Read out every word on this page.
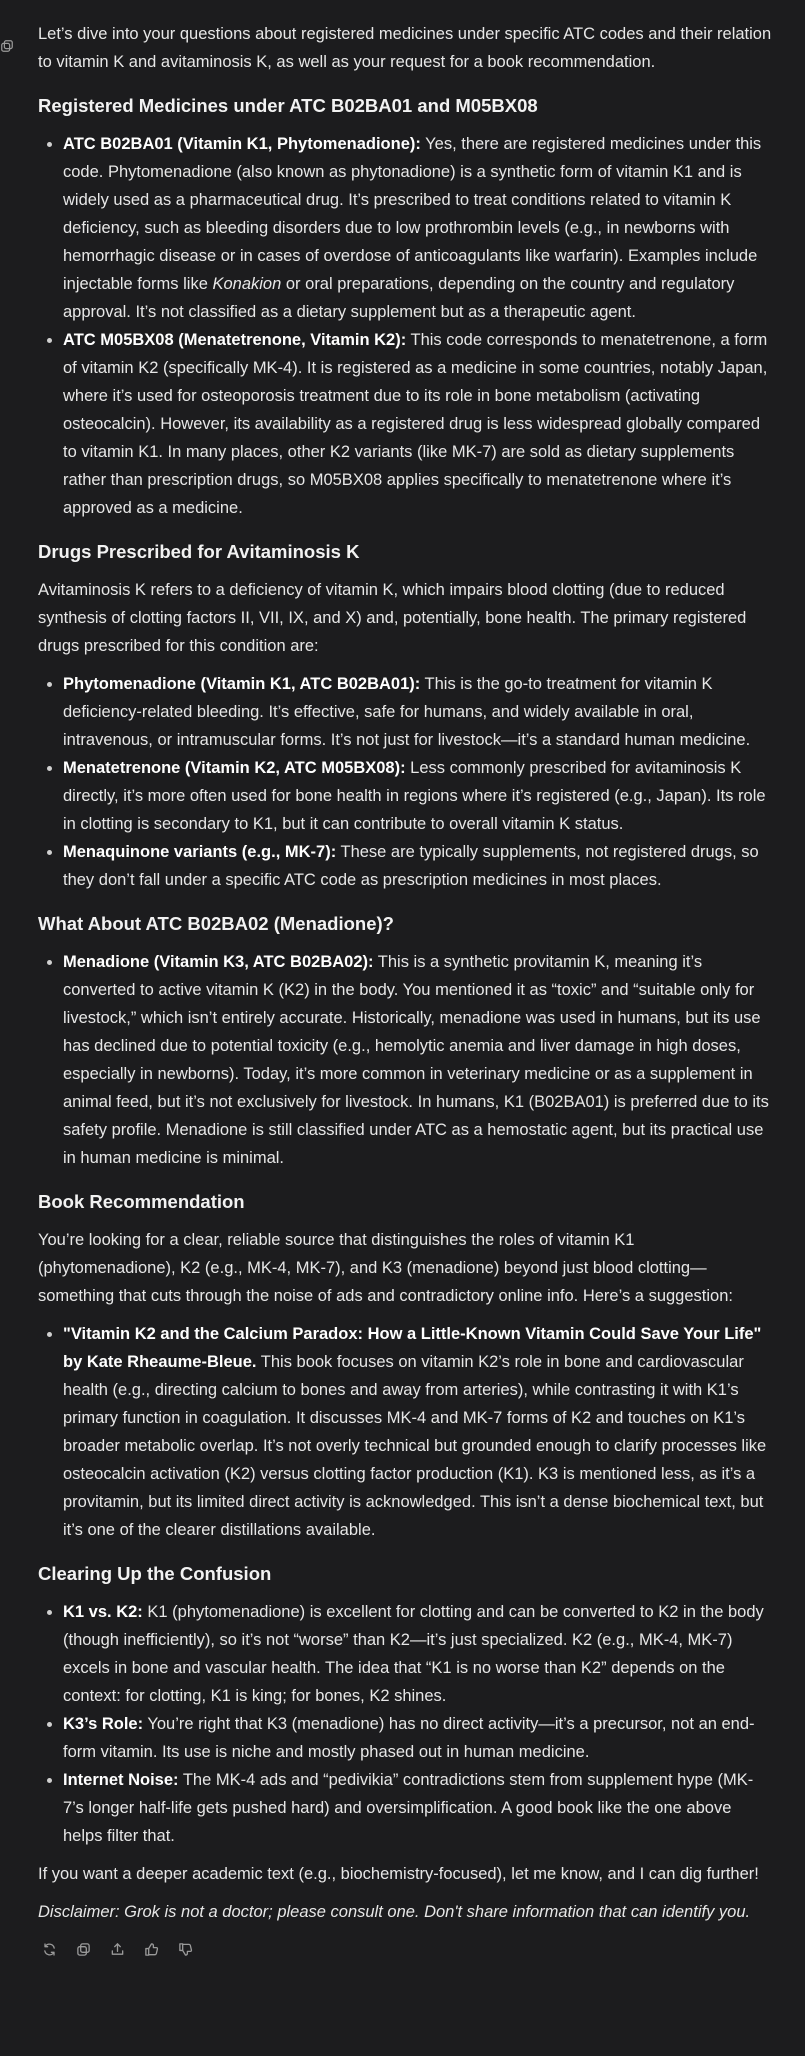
Let’s dive into your questions about registered medicines under specific ATC codes and their relation to vitamin K and avitaminosis K, as well as your request for a book recommendation.

Registered Medicines under ATC B02BA01 and M05BX08
• ATC B02BA01 (Vitamin K1, Phytomenadione): Yes, there are registered medicines under this code. Phytomenadione (also known as phytonadione) is a synthetic form of vitamin K1 and is widely used as a pharmaceutical drug. It’s prescribed to treat conditions related to vitamin K deficiency, such as bleeding disorders due to low prothrombin levels (e.g., in newborns with hemorrhagic disease or in cases of overdose of anticoagulants like warfarin). Examples include injectable forms like Konakion or oral preparations, depending on the country and regulatory approval. It’s not classified as a dietary supplement but as a therapeutic agent.
• ATC M05BX08 (Menatetrenone, Vitamin K2): This code corresponds to menatetrenone, a form of vitamin K2 (specifically MK-4). It is registered as a medicine in some countries, notably Japan, where it’s used for osteoporosis treatment due to its role in bone metabolism (activating osteocalcin). However, its availability as a registered drug is less widespread globally compared to vitamin K1. In many places, other K2 variants (like MK-7) are sold as dietary supplements rather than prescription drugs, so M05BX08 applies specifically to menatetrenone where it’s approved as a medicine.
Drugs Prescribed for Avitaminosis K

Avitaminosis K refers to a deficiency of vitamin K, which impairs blood clotting (due to reduced synthesis of clotting factors II, VII, IX, and X) and, potentially, bone health. The primary registered drugs prescribed for this condition are:

• Phytomenadione (Vitamin K1, ATC B02BA01): This is the go-to treatment for vitamin K deficiency-related bleeding. It’s effective, safe for humans, and widely available in oral, intravenous, or intramuscular forms. It’s not just for livestock—it’s a standard human medicine.
• Menatetrenone (Vitamin K2, ATC M05BX08): Less commonly prescribed for avitaminosis K directly, it’s more often used for bone health in regions where it’s registered (e.g., Japan). Its role in clotting is secondary to K1, but it can contribute to overall vitamin K status.
• Menaquinone variants (e.g., MK-7): These are typically supplements, not registered drugs, so they don’t fall under a specific ATC code as prescription medicines in most places.
What About ATC B02BA02 (Menadione)?
• Menadione (Vitamin K3, ATC B02BA02): This is a synthetic provitamin K, meaning it’s converted to active vitamin K (K2) in the body. You mentioned it as “toxic” and “suitable only for livestock,” which isn’t entirely accurate. Historically, menadione was used in humans, but its use has declined due to potential toxicity (e.g., hemolytic anemia and liver damage in high doses, especially in newborns). Today, it’s more common in veterinary medicine or as a supplement in animal feed, but it’s not exclusively for livestock. In humans, K1 (B02BA01) is preferred due to its safety profile. Menadione is still classified under ATC as a hemostatic agent, but its practical use in human medicine is minimal.
Book Recommendation

You’re looking for a clear, reliable source that distinguishes the roles of vitamin K1 (phytomenadione), K2 (e.g., MK-4, MK-7), and K3 (menadione) beyond just blood clotting—something that cuts through the noise of ads and contradictory online info. Here’s a suggestion:

• "Vitamin K2 and the Calcium Paradox: How a Little-Known Vitamin Could Save Your Life" by Kate Rheaume-Bleue. This book focuses on vitamin K2’s role in bone and cardiovascular health (e.g., directing calcium to bones and away from arteries), while contrasting it with K1’s primary function in coagulation. It discusses MK-4 and MK-7 forms of K2 and touches on K1’s broader metabolic overlap. It’s not overly technical but grounded enough to clarify processes like osteocalcin activation (K2) versus clotting factor production (K1). K3 is mentioned less, as it’s a provitamin, but its limited direct activity is acknowledged. This isn’t a dense biochemical text, but it’s one of the clearer distillations available.
Clearing Up the Confusion
• K1 vs. K2: K1 (phytomenadione) is excellent for clotting and can be converted to K2 in the body (though inefficiently), so it’s not “worse” than K2—it’s just specialized. K2 (e.g., MK-4, MK-7) excels in bone and vascular health. The idea that “K1 is no worse than K2” depends on the context: for clotting, K1 is king; for bones, K2 shines.
• K3’s Role: You’re right that K3 (menadione) has no direct activity—it’s a precursor, not an end-form vitamin. Its use is niche and mostly phased out in human medicine.
• Internet Noise: The MK-4 ads and “pedivikia” contradictions stem from supplement hype (MK-7’s longer half-life gets pushed hard) and oversimplification. A good book like the one above helps filter that.

If you want a deeper academic text (e.g., biochemistry-focused), let me know, and I can dig further!

Disclaimer: Grok is not a doctor; please consult one. Don't share information that can identify you.
